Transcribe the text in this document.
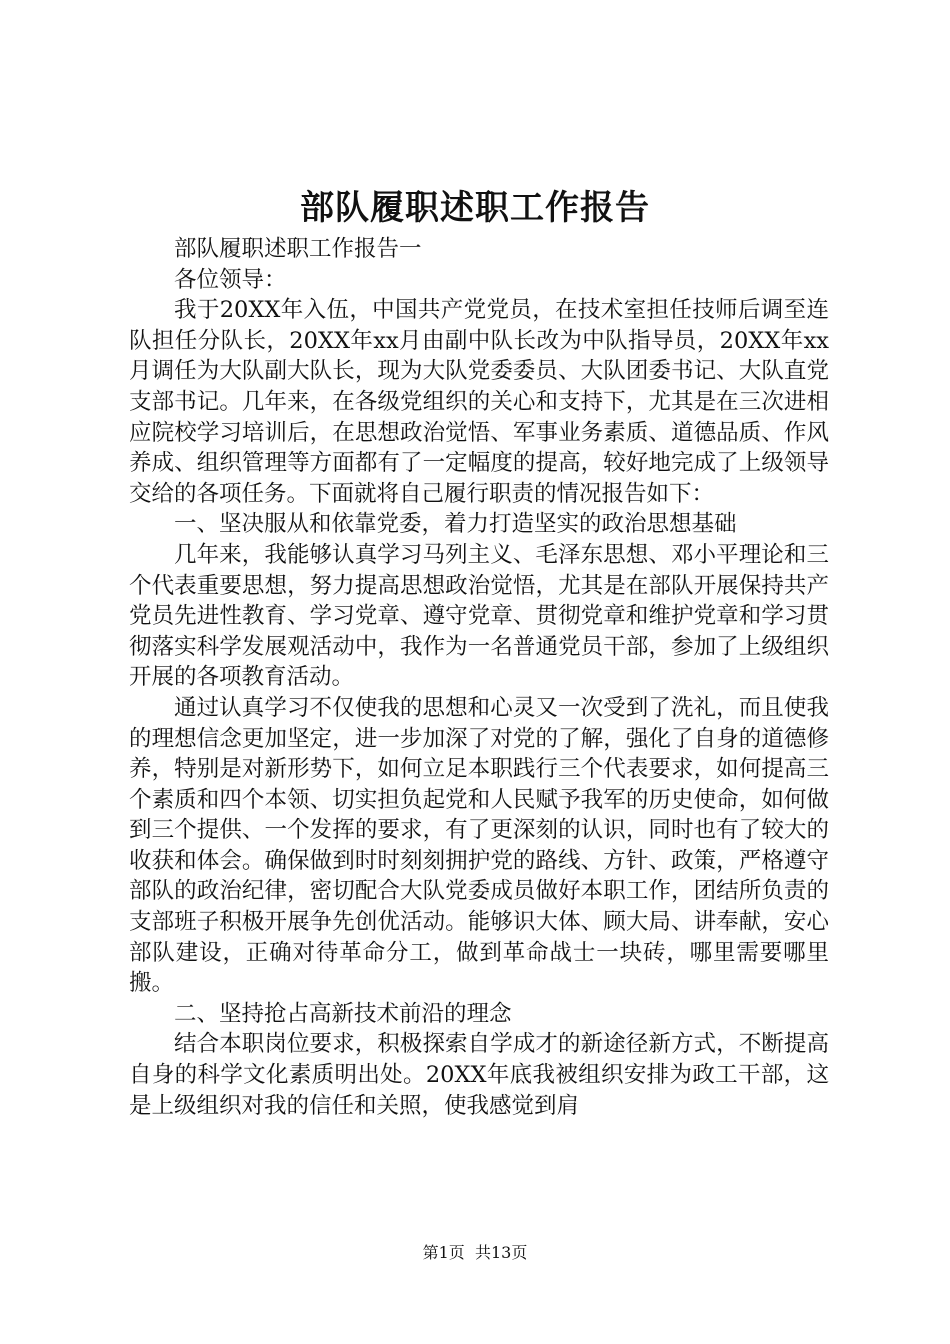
部队履职述职工作报告

部队履职述职工作报告一

各位领导：

我于20XX年入伍，中国共产党党员，在技术室担任技师后调至连队担任分队长，20XX年xx月由副中队长改为中队指导员，20XX年xx月调任为大队副大队长，现为大队党委委员、大队团委书记、大队直党支部书记。几年来，在各级党组织的关心和支持下，尤其是在三次进相应院校学习培训后，在思想政治觉悟、军事业务素质、道德品质、作风养成、组织管理等方面都有了一定幅度的提高，较好地完成了上级领导交给的各项任务。下面就将自己履行职责的情况报告如下：

一、坚决服从和依靠党委，着力打造坚实的政治思想基础

几年来，我能够认真学习马列主义、毛泽东思想、邓小平理论和三个代表重要思想，努力提高思想政治觉悟，尤其是在部队开展保持共产党员先进性教育、学习党章、遵守党章、贯彻党章和维护党章和学习贯彻落实科学发展观活动中，我作为一名普通党员干部，参加了上级组织开展的各项教育活动。

通过认真学习不仅使我的思想和心灵又一次受到了洗礼，而且使我的理想信念更加坚定，进一步加深了对党的了解，强化了自身的道德修养，特别是对新形势下，如何立足本职践行三个代表要求，如何提高三个素质和四个本领、切实担负起党和人民赋予我军的历史使命，如何做到三个提供、一个发挥的要求，有了更深刻的认识，同时也有了较大的收获和体会。确保做到时时刻刻拥护党的路线、方针、政策，严格遵守部队的政治纪律，密切配合大队党委成员做好本职工作，团结所负责的支部班子积极开展争先创优活动。能够识大体、顾大局、讲奉献，安心部队建设，正确对待革命分工，做到革命战士一块砖，哪里需要哪里搬。

二、坚持抢占高新技术前沿的理念

结合本职岗位要求，积极探索自学成才的新途径新方式，不断提高自身的科学文化素质明出处。20XX年底我被组织安排为政工干部，这是上级组织对我的信任和关照，使我感觉到肩

第1页 共13页
